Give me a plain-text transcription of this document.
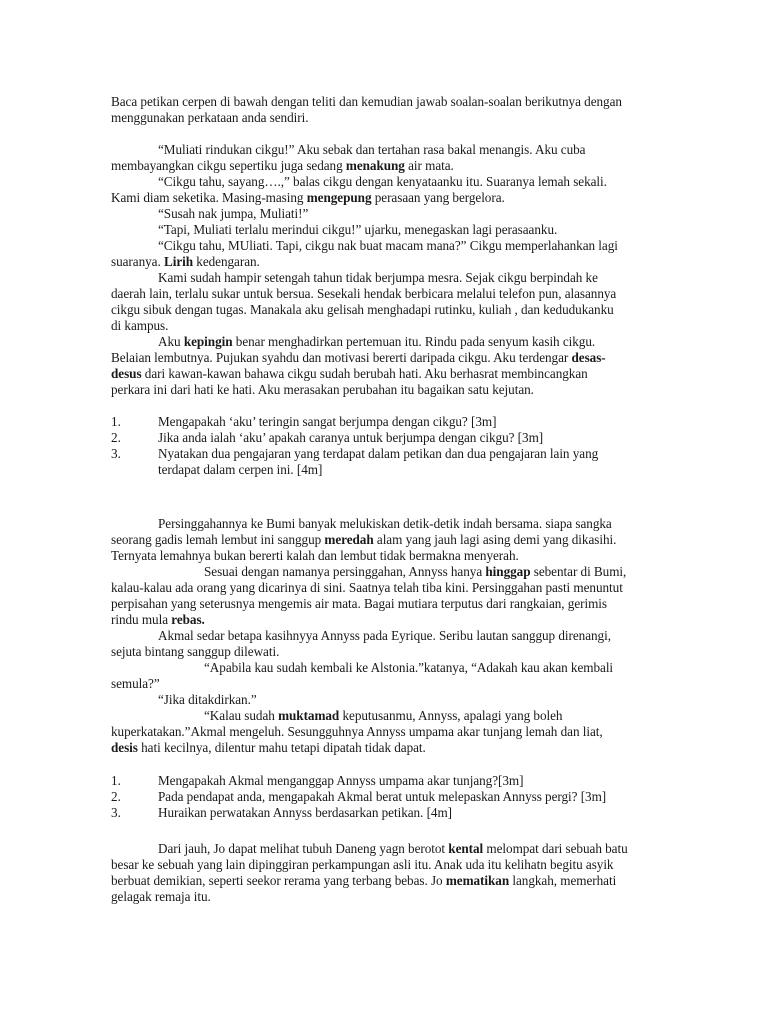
Baca petikan cerpen di bawah dengan teliti dan kemudian jawab soalan-soalan berikutnya dengan
menggunakan perkataan anda sendiri.
“Muliati rindukan cikgu!” Aku sebak dan tertahan rasa bakal menangis. Aku cuba
membayangkan cikgu sepertiku juga sedang menakung air mata.
“Cikgu tahu, sayang….,” balas cikgu dengan kenyataanku itu. Suaranya lemah sekali.
Kami diam seketika. Masing-masing mengepung perasaan yang bergelora.
“Susah nak jumpa, Muliati!”
“Tapi, Muliati terlalu merindui cikgu!” ujarku, menegaskan lagi perasaanku.
“Cikgu tahu, MUliati. Tapi, cikgu nak buat macam mana?” Cikgu memperlahankan lagi
suaranya. Lirih kedengaran.
Kami sudah hampir setengah tahun tidak berjumpa mesra. Sejak cikgu berpindah ke
daerah lain, terlalu sukar untuk bersua. Sesekali hendak berbicara melalui telefon pun, alasannya
cikgu sibuk dengan tugas. Manakala aku gelisah menghadapi rutinku, kuliah , dan kedudukanku
di kampus.
Aku kepingin benar menghadirkan pertemuan itu. Rindu pada senyum kasih cikgu.
Belaian lembutnya. Pujukan syahdu dan motivasi bererti daripada cikgu. Aku terdengar desas-
desus dari kawan-kawan bahawa cikgu sudah berubah hati. Aku berhasrat membincangkan
perkara ini dari hati ke hati. Aku merasakan perubahan itu bagaikan satu kejutan.
1.	Mengapakah ‘aku’ teringin sangat berjumpa dengan cikgu? [3m]
2.	Jika anda ialah ‘aku’ apakah caranya untuk berjumpa dengan cikgu? [3m]
3.	Nyatakan dua pengajaran yang terdapat dalam petikan dan dua pengajaran lain yang
terdapat dalam cerpen ini. [4m]
Persinggahannya ke Bumi banyak melukiskan detik-detik indah bersama. siapa sangka
seorang gadis lemah lembut ini sanggup meredah alam yang jauh lagi asing demi yang dikasihi.
Ternyata lemahnya bukan bererti kalah dan lembut tidak bermakna menyerah.
Sesuai dengan namanya persinggahan, Annyss hanya hinggap sebentar di Bumi,
kalau-kalau ada orang yang dicarinya di sini. Saatnya telah tiba kini. Persinggahan pasti menuntut
perpisahan yang seterusnya mengemis air mata. Bagai mutiara terputus dari rangkaian, gerimis
rindu mula rebas.
Akmal sedar betapa kasihnyya Annyss pada Eyrique. Seribu lautan sanggup direnangi,
sejuta bintang sanggup dilewati.
“Apabila kau sudah kembali ke Alstonia.”katanya, “Adakah kau akan kembali
semula?”
“Jika ditakdirkan.”
“Kalau sudah muktamad keputusanmu, Annyss, apalagi yang boleh
kuperkatakan.”Akmal mengeluh. Sesungguhnya Annyss umpama akar tunjang lemah dan liat,
desis hati kecilnya, dilentur mahu tetapi dipatah tidak dapat.
1.	Mengapakah Akmal menganggap Annyss umpama akar tunjang?[3m]
2.	Pada pendapat anda, mengapakah Akmal berat untuk melepaskan Annyss pergi? [3m]
3.	Huraikan perwatakan Annyss berdasarkan petikan. [4m]
Dari jauh, Jo dapat melihat tubuh Daneng yagn berotot kental melompat dari sebuah batu
besar ke sebuah yang lain dipinggiran perkampungan asli itu. Anak uda itu kelihatn begitu asyik
berbuat demikian, seperti seekor rerama yang terbang bebas. Jo mematikan langkah, memerhati
gelagak remaja itu.
